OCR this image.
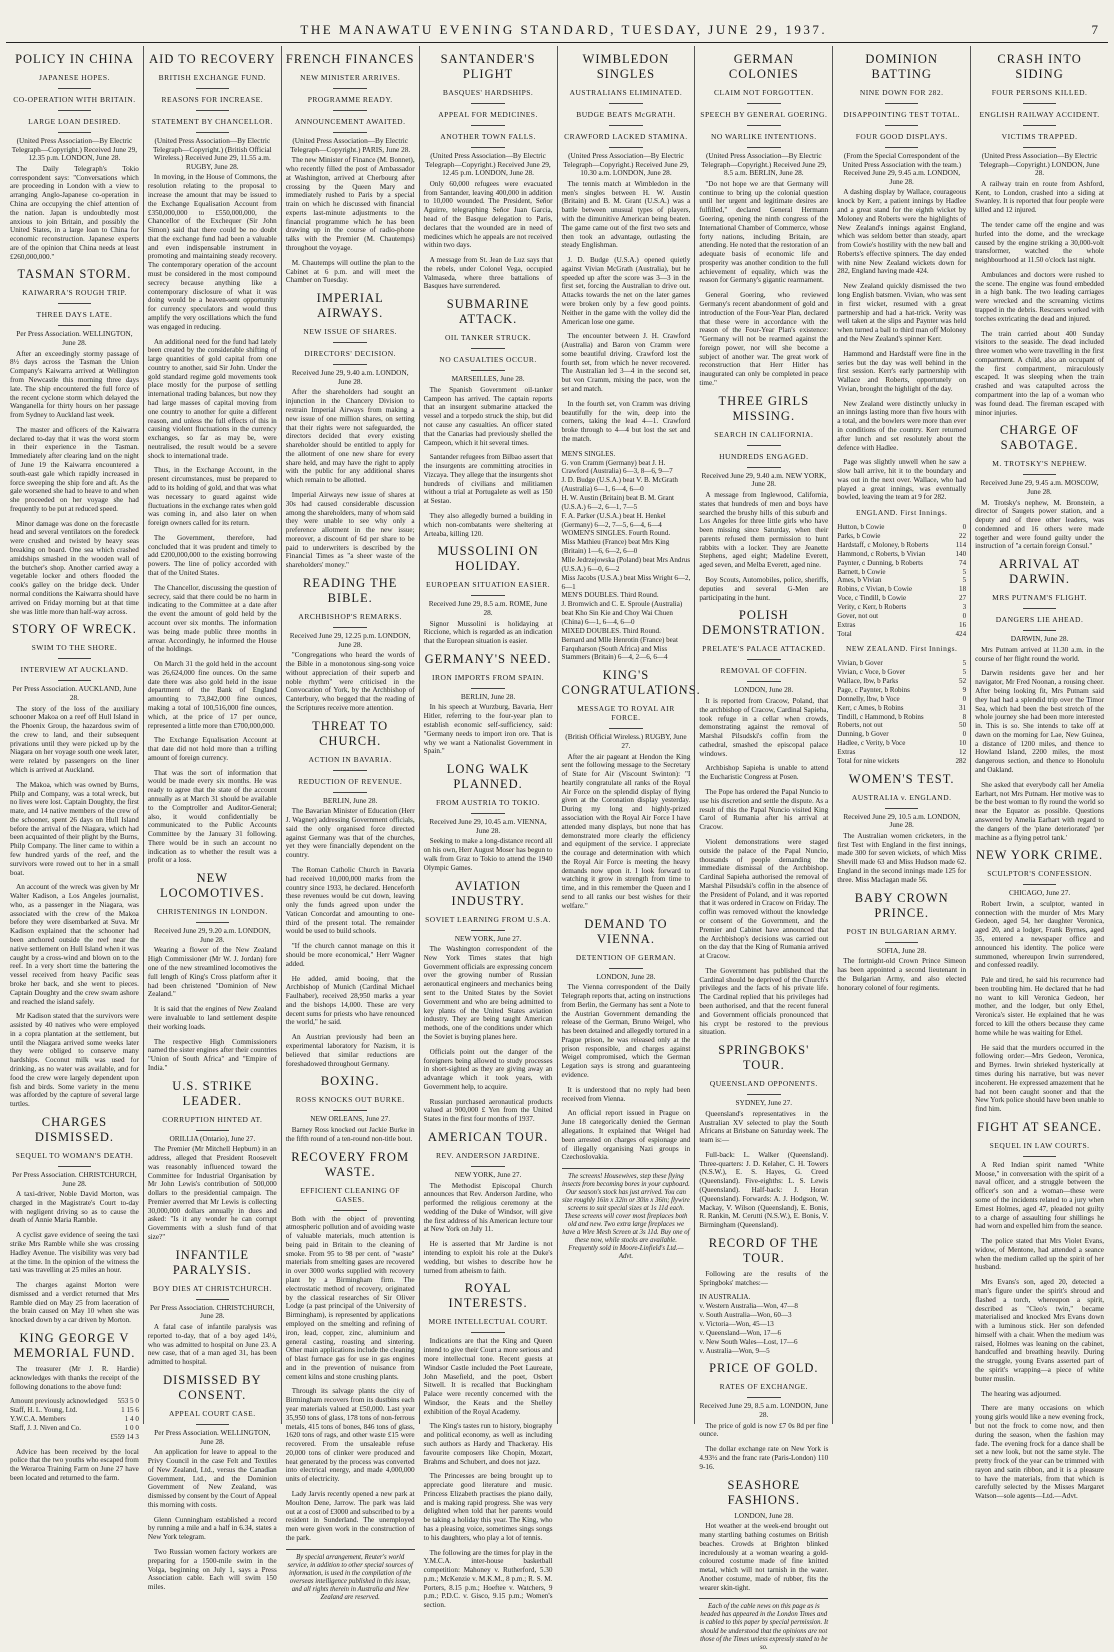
THE MANAWATU EVENING STANDARD, TUESDAY, JUNE 29, 1937.	7
POLICY IN CHINA
JAPANESE HOPES.
CO-OPERATION WITH BRITAIN.
LARGE LOAN DESIRED.
(United Press Association—By Electric Telegraph—Copyright.) Received June 29, 12.35 p.m. LONDON, June 28.

The Daily Telegraph's Tokio correspondent says: "Conversations which are proceeding in London with a view to arranging Anglo-Japanese co-operation in China are occupying the chief attention of the nation. Japan is undoubtedly most anxious to join Britain, and possibly the United States, in a large loan to China for economic reconstruction. Japanese experts are of the opinion that China needs at least £260,000,000."

TASMAN STORM.
KAIWARRA'S ROUGH TRIP.
THREE DAYS LATE.
Per Press Association. WELLINGTON, June 28.

After an exceedingly stormy passage of 8½ days across the Tasman the Union Company's Kaiwarra arrived at Wellington from Newcastle this morning three days late. The ship encountered the full force of the recent cyclone storm which delayed the Wanganella for thirty hours on her passage from Sydney to Auckland last week.

The master and officers of the Kaiwarra declared to-day that it was the worst storm in their experience in the Tasman. Immediately after clearing land on the night of June 19 the Kaiwarra encountered a south-east gale which rapidly increased in force sweeping the ship fore and aft. As the gale worsened she had to heave to and when she proceeded on her voyage she had frequently to be put at reduced speed.

Minor damage was done on the forecastle head and several ventilators on the foredeck were crushed and twisted by heavy seas breaking on board. One sea which crashed amidships smashed in the wooden wall of the butcher's shop. Another carried away a vegetable locker and others flooded the cook's galley on the bridge deck. Under normal conditions the Kaiwarra should have arrived on Friday morning but at that time she was little more than half-way across.

STORY OF WRECK.
SWIM TO THE SHORE.
INTERVIEW AT AUCKLAND.
Per Press Association. AUCKLAND, June 28.

The story of the loss of the auxiliary schooner Makoa on a reef off Hull Island in the Phoenix Group, the hazardous swim of the crew to land, and their subsequent privations until they were picked up by the Niagara on her voyage south one week later, were related by passengers on the liner which is arrived at Auckland.

The Makoa, which was owned by Burns, Philp and Company, was a total wreck, but no lives were lost. Captain Doughty, the first mate, and 14 native members of the crew of the schooner, spent 26 days on Hull Island before the arrival of the Niagara, which had been acquainted of their plight by the Burns, Philp Company. The liner came to within a few hundred yards of the reef, and the survivors were rowed out to her in a small boat.

An account of the wreck was given by Mr Walter Kadison, a Los Angeles journalist, who, as a passenger in the Niagara, was associated with the crew of the Makoa before they were disembarked at Suva. Mr Kadison explained that the schooner had been anchored outside the reef near the native settlement on Hull Island when it was caught by a cross-wind and blown on to the reef. In a very short time the battering the vessel received from heavy Pacific seas broke her back, and she went to pieces. Captain Doughty and the crew swam ashore and reached the island safely.

Mr Kadison stated that the survivors were assisted by 40 natives who were employed in a copra plantation at the settlement, but until the Niagara arrived some weeks later they were obliged to conserve many hardships. Coconut milk was used for drinking, as no water was available, and for food the crew were largely dependent upon fish and birds. Some variety in the menu was afforded by the capture of several large turtles.

CHARGES DISMISSED.
SEQUEL TO WOMAN'S DEATH.
Per Press Association. CHRISTCHURCH, June 28.

A taxi-driver, Noble David Morton, was charged in the Magistrate's Court to-day with negligent driving so as to cause the death of Annie Maria Ramble.

A cyclist gave evidence of seeing the taxi strike Mrs Ramble while she was crossing Hadley Avenue. The visibility was very bad at the time. In the opinion of the witness the taxi was travelling at 25 miles an hour.

The charges against Morton were dismissed and a verdict returned that Mrs Ramble died on May 25 from laceration of the brain caused on May 10 when she was knocked down by a car driven by Morton.

KING GEORGE V MEMORIAL FUND.

The treasurer (Mr J. R. Hardie) acknowledges with thanks the receipt of the following donations to the above fund:

Amount previously acknowledged 553 5 0
Staff, H. L. Young, Ltd.	1 15 6
Y.W.C.A. Members	1 4 0
Staff, J. J. Niven and Co.	1 0 0
£559 14 3

Advice has been received by the local police that the two youths who escaped from the Weraroa Training Farm on June 27 have been located and returned to the farm.

AID TO RECOVERY
BRITISH EXCHANGE FUND.
REASONS FOR INCREASE.
STATEMENT BY CHANCELLOR.
(United Press Association—By Electric Telegraph—Copyright.) (British Official Wireless.) Received June 29, 11.55 a.m. RUGBY, June 28.

In moving, in the House of Commons, the resolution relating to the proposal to increase the amount that may be issued to the Exchange Equalisation Account from £350,000,000 to £550,000,000, the Chancellor of the Exchequer (Sir John Simon) said that there could be no doubt that the exchange fund had been a valuable and even indispensable instrument in promoting and maintaining steady recovery. The contemporary operation of the account must be considered in the most compound secrecy because anything like a contemporary disclosure of what it was doing would be a heaven-sent opportunity for currency speculators and would thus amplify the very oscillations which the fund was engaged in reducing.

An additional need for the fund had lately been created by the considerable shifting of large quantities of gold capital from one country to another, said Sir John. Under the gold standard regime gold movements took place mostly for the purpose of settling international trading balances, but now they had large masses of capital moving from one country to another for quite a different reason, and unless the full effects of this in causing violent fluctuations in the currency exchanges, so far as may be, were neutralised, the result would be a severe shock to international trade.

Thus, in the Exchange Account, in the present circumstances, must be prepared to add to its holding of gold, and that was what was necessary to guard against wide fluctuations in the exchange rates when gold was coming in, and also later on when foreign owners called for its return.

The Government, therefore, had concluded that it was prudent and timely to add £200,000,000 to the existing borrowing powers. The line of policy accorded with that of the United States.

The Chancellor, discussing the question of secrecy, said that there could be no harm in indicating to the Committee at a date after the event the amount of gold held by the account over six months. The information was being made public three months in arrear. Accordingly, he informed the House of the holdings.

On March 31 the gold held in the account was 26,624,000 fine ounces. On the same date there was also gold held in the issue department of the Bank of England amounting to 73,842,000 fine ounces, making a total of 100,516,000 fine ounces, which, at the price of 17 per ounce, represented a little more than £700,000,000.

The Exchange Equalisation Account at that date did not hold more than a trifling amount of foreign currency.

That was the sort of information that would be made every six months. He was ready to agree that the state of the account annually as at March 31 should be available to the Comptroller and Auditor-General; also, it would confidentially be communicated to the Public Accounts Committee by the January 31 following. There would be in such an account no indication as to whether the result was a profit or a loss.

NEW LOCOMOTIVES.
CHRISTENINGS IN LONDON.
Received June 29, 9.20 a.m. LONDON, June 28.

Wearing a flower of the New Zealand High Commissioner (Mr W. J. Jordan) fore one of the new streamlined locomotives the full length of King's Cross platform after it had been christened "Dominion of New Zealand."

It is said that the engines of New Zealand were invaluable to land settlement despite their working loads.

The respective High Commissioners named the sister engines after their countries "Union of South Africa" and "Empire of India."

U.S. STRIKE LEADER.
CORRUPTION HINTED AT.
ORILLIA (Ontario), June 27.

The Premier (Mr Mitchell Hepburn) in an address, alleged that President Roosevelt was reasonably influenced toward the Committee for Industrial Organisation by Mr John Lewis's contribution of 500,000 dollars to the presidential campaign. The Premier averred that Mr Lewis is collecting 30,000,000 dollars annually in dues and asked: "Is it any wonder he can corrupt Governments with a slush fund of that size?"

INFANTILE PARALYSIS.
BOY DIES AT CHRISTCHURCH.
Per Press Association. CHRISTCHURCH, June 28.

A fatal case of infantile paralysis was reported to-day, that of a boy aged 14½, who was admitted to hospital on June 23. A new case, that of a man aged 31, has been admitted to hospital.

DISMISSED BY CONSENT.
APPEAL COURT CASE.
Per Press Association. WELLINGTON, June 28.

An application for leave to appeal to the Privy Council in the case Felt and Textiles of New Zealand, Ltd., versus the Canadian Government, Ltd., and the Dominion Government of New Zealand, was dismissed by consent by the Court of Appeal this morning with costs.

Glenn Cunningham established a record by running a mile and a half in 6.34, states a New York telegram.

Two Russian women factory workers are preparing for a 1500-mile swim in the Volga, beginning on July 1, says a Press Association cable. Each will swim 150 miles.

FRENCH FINANCES
NEW MINISTER ARRIVES.
PROGRAMME READY.
ANNOUNCEMENT AWAITED.
(United Press Association—By Electric Telegraph—Copyright.) PARIS, June 28.

The new Minister of Finance (M. Bonnet), who recently filled the post of Ambassador at Washington, arrived at Cherbourg after crossing by the Queen Mary and immediately rushed to Paris by a special train on which he discussed with financial experts last-minute adjustments to the financial programme which he has been drawing up in the course of radio-phone talks with the Premier (M. Chautemps) throughout the voyage.

M. Chautemps will outline the plan to the Cabinet at 6 p.m. and will meet the Chamber on Tuesday.

IMPERIAL AIRWAYS.
NEW ISSUE OF SHARES.
DIRECTORS' DECISION.
Received June 29, 9.40 a.m. LONDON, June 28.

After the shareholders had sought an injunction in the Chancery Division to restrain Imperial Airways from making a new issue of one million shares, on setting that their rights were not safeguarded, the directors decided that every existing shareholder should be entitled to apply for the allotment of one new share for every share held, and may have the right to apply with the public for any additional shares which remain to be allotted.

Imperial Airways new issue of shares at 30s had caused considerable discussion among the shareholders, many of whom said they were unable to see why only a preference allotment in the new issue; moreover, a discount of 6d per share to be paid to underwriters is described by the Financial Times as "a sheer waste of the shareholders' money."

READING THE BIBLE.
ARCHBISHOP'S REMARKS.
Received June 29, 12.25 p.m. LONDON, June 28.

"Congregations who heard the words of the Bible in a monotonous sing-song voice without appreciation of their superb and noble rhythm" were criticised in the Convocation of York, by the Archbishop of Canterbury, who begged that the reading of the Scriptures receive more attention.

THREAT TO CHURCH.
ACTION IN BAVARIA.
REDUCTION OF REVENUE.
BERLIN, June 28.

The Bavarian Minister of Education (Herr J. Wagner) addressing Government officials, said the only organised force directed against Germany was that of the churches, yet they were financially dependent on the country.

The Roman Catholic Church in Bavaria had received 10,000,000 marks from the country since 1933, he declared. Henceforth these revenues would be cut down, leaving only the funds agreed upon under the Vatican Concordat and amounting to one-third of the present total. The remainder would be used to build schools.

"If the church cannot manage on this it should be more economical," Herr Wagner added.

He added, amid booing, that the Archbishop of Munich (Cardinal Michael Faulhaber), received 28,950 marks a year and the bishops 14,000. These are very decent sums for priests who have renounced the world," he said.

An Austrian previously had been an experimental laboratory for Nazism, it is believed that similar reductions are foreshadowed throughout Germany.

BOXING.
ROSS KNOCKS OUT BURKE.
NEW ORLEANS, June 27.

Barney Ross knocked out Jackie Burke in the fifth round of a ten-round non-title bout.

RECOVERY FROM WASTE.
EFFICIENT CLEANING OF GASES.

Both with the object of preventing atmospheric pollution and of avoiding waste of valuable materials, much attention is being paid in Britain to the cleaning of smoke. From 95 to 98 per cent. of "waste" materials from smelting gases are recovered in over 3000 works supplied with recovery plant by a Birmingham firm. The electrostatic method of recovery, originated by the classical researches of Sir Oliver Lodge (a past principal of the University of Birmingham), is represented by applications employed on the smelting and refining of iron, lead, copper, zinc, aluminium and general casting, roasting and sintering. Other main applications include the cleaning of blast furnace gas for use in gas engines and in the prevention of nuisance from cement kilns and stone crushing plants.

Through its salvage plants the city of Birmingham recovers from its dustbins each year materials valued at £50,000. Last year 35,950 tons of glass, 178 tons of non-ferrous metals, 415 tons of bones, 846 tons of glass, 1620 tons of rags, and other waste £15 were recovered. From the unsaleable refuse 20,000 tons of clinker were produced and heat generated by the process was converted into electrical energy, and made 4,000,000 units of electricity.

Lady Jarvis recently opened a new park at Moulton Dene, Jarrow. The park was laid out at a cost of £3000 and subscribed to by a resident in Sunderland. The unemployed men were given work in the construction of the park.

By special arrangement, Reuter's world service, in addition to other special sources of information, is used in the compilation of the overseas intelligence published in this issue, and all rights therein in Australia and New Zealand are reserved.
SANTANDER'S PLIGHT
BASQUES' HARDSHIPS.
APPEAL FOR MEDICINES.
ANOTHER TOWN FALLS.
(United Press Association—By Electric Telegraph—Copyright.) Received June 29, 12.45 p.m. LONDON, June 28.

Only 60,000 refugees were evacuated from Santander, leaving 400,000 in addition to 10,000 wounded. The President, Señor Aguirre, telegraphing Señor Juan Garcia, head of the Basque delegation to Paris, declares that the wounded are in need of medicines which he appeals are not received within two days.

A message from St. Jean de Luz says that the rebels, under Colonel Vega, occupied Valmaseda, where three battalions of Basques have surrendered.

SUBMARINE ATTACK.
OIL TANKER STRUCK.
NO CASUALTIES OCCUR.
MARSEILLES, June 28.

The Spanish Government oil-tanker Campeon has arrived. The captain reports that an insurgent submarine attacked the vessel and a torpedo struck the ship, but did not cause any casualties. An officer stated that the Canarias had previously shelled the Campeon, which it hit several times.

Santander refugees from Bilbao assert that the insurgents are committing atrocities in Vizcaya. They allege that the insurgents shot hundreds of civilians and militiamen without a trial at Portugalete as well as 150 at Sestao.

They also allegedly burned a building in which non-combatants were sheltering at Arteaba, killing 120.

MUSSOLINI ON HOLIDAY.
EUROPEAN SITUATION EASIER.
Received June 29, 8.5 a.m. ROME, June 28.

Signor Mussolini is holidaying at Riccione, which is regarded as an indication that the European situation is easier.

GERMANY'S NEED.
IRON IMPORTS FROM SPAIN.
BERLIN, June 28.

In his speech at Wurzburg, Bavaria, Herr Hitler, referring to the four-year plan to establish economic self-sufficiency, said: "Germany needs to import iron ore. That is why we want a Nationalist Government in Spain."

LONG WALK PLANNED.
FROM AUSTRIA TO TOKIO.
Received June 29, 10.45 a.m. VIENNA, June 28.

Seeking to make a long-distance record all on his own, Herr August Moser has begun to walk from Graz to Tokio to attend the 1940 Olympic Games.

AVIATION INDUSTRY.
SOVIET LEARNING FROM U.S.A.
NEW YORK, June 27.

The Washington correspondent of the New York Times states that high Government officials are expressing concern over the growing number of Russian aeronautical engineers and mechanics being sent to the United States by the Soviet Government and who are being admitted to key plants of the United States aviation industry. They are being taught American methods, one of the conditions under which the Soviet is buying planes here.

Officials point out the danger of the foreigners being allowed to study processes in short-sighted as they are giving away an advantage which it took years, with Government help, to acquire.

Russian purchased aeronautical products valued at 900,000 £ Yen from the United States in the first four months of 1937.

AMERICAN TOUR.
REV. ANDERSON JARDINE.
NEW YORK, June 27.

The Methodist Episcopal Church announces that Rev. Anderson Jardine, who performed the religious ceremony at the wedding of the Duke of Windsor, will give the first address of his American lecture tour at New York on July 11.

He is asserted that Mr Jardine is not intending to exploit his role at the Duke's wedding, but wishes to describe how he turned from atheism to faith.

ROYAL INTERESTS.
MORE INTELLECTUAL COURT.

Indications are that the King and Queen intend to give their Court a more serious and more intellectual tone. Recent guests at Windsor Castle included the Poet Laureate, John Masefield, and the poet, Osbert Sitwell. It is recalled that Buckingham Palace were recently concerned with the Windsor, the Keats and the Shelley exhibition of the Royal Academy.

The King's tastes run to history, biography and political economy, as well as including such authors as Hardy and Thackeray. His favourite composers like Chopin, Mozart, Brahms and Schubert, and does not jazz.

The Princesses are being brought up to appreciate good literature and music. Princess Elizabeth practises the piano daily, and is making rapid progress. She was very delighted when told that her parents would be taking a holiday this year. The King, who has a pleasing voice, sometimes sings songs to his daughters, who play a lot of tennis.

The following are the times for play in the Y.M.C.A. inter-house basketball competition: Mahoney v. Rutherford, 5.30 p.m.; McKenzie v. M.K.M., 8 p.m.; R. S. M. Porters, 8.15 p.m.; Hoeftee v. Watchers, 9 p.m.; P.D.C. v. Gisco, 9.15 p.m.; Women's section.

WIMBLEDON SINGLES
AUSTRALIANS ELIMINATED.
BUDGE BEATS McGRATH.
CRAWFORD LACKED STAMINA.
(United Press Association—By Electric Telegraph—Copyright.) Received June 29, 10.30 a.m. LONDON, June 28.

The tennis match at Wimbledon in the men's singles between H. W. Austin (Britain) and B. M. Grant (U.S.A.) was a battle between unusual types of players, with the dimunitive American being beaten. The game came out of the first two sets and then took an advantage, outlasting the steady Englishman.

J. D. Budge (U.S.A.) opened quietly against Vivian McGrath (Australia), but he speeded up after the score was 3—3 in the first set, forcing the Australian to drive out. Attacks towards the net on the later games were broken only by a few good points. Neither in the game with the volley did the American lose one game.

The encounter between J. H. Crawford (Australia) and Baron von Cramm were some beautiful driving. Crawford lost the fourth set, from which he never recovered. The Australian led 3—4 in the second set, but von Cramm, mixing the pace, won the set and match.

In the fourth set, von Cramm was driving beautifully for the win, deep into the corners, taking the lead 4—1. Crawford broke through to 4—4 but lost the set and the match.

MEN'S SINGLES.
G. von Cramm (Germany) beat J. H. Crawford (Australia) 6—3, 8—6, 9—7
J. D. Budge (U.S.A.) beat V. B. McGrath (Australia) 6—1, 6—4, 6—0
H. W. Austin (Britain) beat B. M. Grant (U.S.A.) 6—2, 6—1, 7—5
F. A. Parker (U.S.A.) beat H. Henkel (Germany) 6—2, 7—5, 6—4, 6—4
WOMEN'S SINGLES. Fourth Round.
Miss Mathieu (France) beat Mrs King (Britain) 1—6, 6—2, 6—0
Mlle Jedrzejowska (Poland) beat Mrs Andrus (U.S.A.) 6—0, 6—2
Miss Jacobs (U.S.A.) beat Miss Wright 6—2, 6—1
MEN'S DOUBLES. Third Round.
J. Bromwich and C. E. Sproule (Australia) beat Kho Sin Kie and Choy Wai Chuen (China) 6—1, 6—4, 6—0
MIXED DOUBLES. Third Round.
Bernard and Mlle Henrotin (France) beat Farquharson (South Africa) and Miss Stammers (Britain) 6—4, 2—6, 6—4
KING'S CONGRATULATIONS.
MESSAGE TO ROYAL AIR FORCE.
(British Official Wireless.) RUGBY, June 27.

After the air pageant at Hendon the King sent the following message to the Secretary of State for Air (Viscount Swinton): "I heartily congratulate all ranks of the Royal Air Force on the splendid display of flying given at the Coronation display yesterday. During my long and highly-prized association with the Royal Air Force I have attended many displays, but none that has demonstrated more clearly the efficiency and equipment of the service. I appreciate the courage and determination with which the Royal Air Force is meeting the heavy demands now upon it. I look forward to watching it grow in strength from time to time, and in this remember the Queen and I send to all ranks our best wishes for their welfare."

DEMAND TO VIENNA.
DETENTION OF GERMAN.
LONDON, June 28.

The Vienna correspondent of the Daily Telegraph reports that, acting on instructions from Berlin, the Germany has sent a Note to the Austrian Government demanding the release of the German, Bruno Weigel, who has been detained and allegedly tortured in a Prague prison, he was released only at the prison responsible, and charges against Weigel compromised, which the German Legation says is strong and guaranteeing evidence.

It is understood that no reply had been received from Vienna.

An official report issued in Prague on June 18 categorically denied the German allegations. It explained that Weigel had been arrested on charges of espionage and of illegally organising Nazi groups in Czechoslovakia.

The screens! Housewives, step these flying insects from becoming bores in your cupboard. Our season's stock has just arrived. You can size roughly 16in x 32in or 30in x 36in; flywire screens to suit special sizes at 1s 11d each. These screens will cover most fireplaces both old and new. Two extra large fireplaces we have a Wire Mesh Screen at 3s 11d. Buy one of these now, while stocks are available. Frequently sold in Moore-Linfield's Ltd.—Advt.
GERMAN COLONIES
CLAIM NOT FORGOTTEN.
SPEECH BY GENERAL GOERING.
NO WARLIKE INTENTIONS.
(United Press Association—By Electric Telegraph—Copyright.) Received June 29, 8.5 a.m. BERLIN, June 28.

"Do not hope we are that Germany will continue to bring up the colonial question until her urgent and legitimate desires are fulfilled," declared General Hermann Goering, opening the ninth congress of the International Chamber of Commerce, whose forty nations, including Britain, are attending. He noted that the restoration of an adequate basis of economic life and prosperity was another condition to the full achievement of equality, which was the reason for Germany's gigantic rearmament.

General Goering, who reviewed Germany's recent abandonment of gold and introduction of the Four-Year Plan, declared that these were in accordance with the reason of the Four-Year Plan's existence: "Germany will not be rearmed against the foreign power, nor will she become a subject of another war. The great work of reconstruction that Herr Hitler has inaugurated can only be completed in peace time."

THREE GIRLS MISSING.
SEARCH IN CALIFORNIA.
HUNDREDS ENGAGED.
Received June 29, 9.40 a.m. NEW YORK, June 28.

A message from Inglewood, California, states that hundreds of men and boys have searched the brushy hills of this suburb and Los Angeles for three little girls who have been missing since Saturday, when their parents refused them permission to hunt rabbits with a locker. They are Jeanette Stephens, aged eight; Madeline Everett, aged seven, and Melba Everett, aged nine.

Boy Scouts, Automobiles, police, sheriffs, deputies and several G-Men are participating in the hunt.

POLISH DEMONSTRATION.
PRELATE'S PALACE ATTACKED.
REMOVAL OF COFFIN.
LONDON, June 28.

It is reported from Cracow, Poland, that the archbishop of Cracow, Cardinal Sapieha, took refuge in a cellar when crowds, demonstrating against the removal of Marshal Pilsudski's coffin from the cathedral, smashed the episcopal palace windows.

Archbishop Sapieha is unable to attend the Eucharistic Congress at Posen.

The Pope has ordered the Papal Nuncio to use his discretion and settle the dispute. As a result of this the Papal Nuncio visited King Carol of Rumania after his arrival at Cracow.

Violent demonstrations were staged outside the palace of the Papal Nuncio, thousands of people demanding the immediate dismissal of the Archbishop. Cardinal Sapieha authorised the removal of Marshal Pilsudski's coffin in the absence of the President of Poland, and it was reported that it was ordered in Cracow on Friday. The coffin was removed without the knowledge or consent of the Government, and the Premier and Cabinet have announced that the Archbishop's decisions was carried out on the day that the King of Rumania arrived at Cracow.

The Government has published that the Cardinal should be deprived of the Church's privileges and the facts of his private life. The Cardinal replied that his privileges had been authorised, and that the recent funeral and Government officials pronounced that his crypt be restored to the previous situation.

SPRINGBOKS' TOUR.
QUEENSLAND OPPONENTS.
SYDNEY, June 27.

Queensland's representatives in the Australian XV selected to play the South Africans at Brisbane on Saturday week. The team is:—

Full-back: L. Walker (Queensland). Three-quarters: J. D. Kelaher, C. H. Towers (N.S.W.), E. S. Hayes, G. Creed (Queensland). Five-eighths: L. S. Lewis (Queensland). Half-back: J. Horan (Queensland). Forwards: A. J. Hodgson, W. Mackay, V. Wilson (Queensland), E. Bonis, R. Rankin, M. Cerutti (N.S.W.), E. Bonis, V. Birmingham (Queensland).

RECORD OF THE TOUR.

Following are the results of the Springboks' matches:—

IN AUSTRALIA.
v. Western Australia—Won, 47—8
v. South Australia—Won, 60—3
v. Victoria—Won, 45—13
v. Queensland—Won, 17—6
v. New South Wales—Lost, 17—6
v. Australia—Won, 9—5
PRICE OF GOLD.
RATES OF EXCHANGE.
Received June 29, 8.5 a.m. LONDON, June 28.

The price of gold is now £7 0s 8d per fine ounce.

The dollar exchange rate on New York is 4.93½ and the franc rate (Paris-London) 110 9-16.

SEASHORE FASHIONS.
LONDON, June 28.

Hot weather at the week-end brought out many startling bathing costumes on British beaches. Crowds at Brighton blinked incredulously at a woman wearing a gold-coloured costume made of fine knitted metal, which will not tarnish in the water. Another costume, made of rubber, fits the wearer skin-tight.

Each of the cable news on this page as is headed has appeared in the London Times and is cabled to this paper by special permission. It should be understood that the opinions are not those of the Times unless expressly stated to be so.
DOMINION BATTING
NINE DOWN FOR 282.
DISAPPOINTING TEST TOTAL.
FOUR GOOD DISPLAYS.
(From the Special Correspondent of the United Press Association with the team.) Received June 29, 9.45 a.m. LONDON, June 28.

A dashing display by Wallace, courageous knock by Kerr, a patient innings by Hadlee and a great stand for the eighth wicket by Moloney and Roberts were the highlights of New Zealand's innings against England, which was seldom better than steady, apart from Cowie's hostility with the new ball and Roberts's effective spinners. The day ended with nine New Zealand wickets down for 282, England having made 424.

New Zealand quickly dismissed the two long English batsmen. Vivian, who was sent in first wicket, resumed with a great partnership and had a hat-trick. Verity was well taken at the slips and Paynter was held when turned a ball to third man off Moloney and the New Zealand's spinner Kerr.

Hammond and Hardstaff were fine in the series but the day was well behind in the first session. Kerr's early partnership with Wallace and Roberts, opportunely on Vivian, brought the highlight of the day.

New Zealand were distinctly unlucky in an innings lasting more than five hours with a total, and the bowlers were more than ever in conditions of the country. Kerr returned after lunch and set resolutely about the defence with Hadlee.

Page was slightly unwell when he saw a slow ball arrive, hit it to the boundary and was out in the next over. Wallace, who had played a great innings, was eventually bowled, leaving the team at 9 for 282.

ENGLAND. First Innings.
Hutton, b Cowie	0
Parks, b Cowie	22
Hardstaff, c Moloney, b Roberts	114
Hammond, c Roberts, b Vivian	140
Paynter, c Dunning, b Roberts	74
Barnett, b Cowie	5
Ames, b Vivian	5
Robins, c Vivian, b Cowie	18
Voce, c Tindill, b Cowie	27
Verity, c Kerr, b Roberts	3
Gover, not out	0
Extras	16
Total	424
NEW ZEALAND. First Innings.
Vivian, b Gover	5
Vivian, c Voce, b Gover	5
Wallace, lbw, b Parks	52
Page, c Paynter, b Robins	9
Donnelly, lbw, b Voce	0
Kerr, c Ames, b Robins	31
Tindill, c Hammond, b Robins	8
Roberts, not out	50
Dunning, b Gover	0
Hadlee, c Verity, b Voce	10
Extras	12
Total for nine wickets	282
WOMEN'S TEST.
AUSTRALIA v. ENGLAND.
Received June 29, 10.5 a.m. LONDON, June 28.

The Australian women cricketers, in the first Test with England in the first innings, made 300 for seven wickets, of which Miss Shevill made 63 and Miss Hudson made 62. England in the second innings made 125 for three. Miss Maclagan made 56.

BABY CROWN PRINCE.
POST IN BULGARIAN ARMY.
SOFIA, June 28.

The fortnight-old Crown Prince Simeon has been appointed a second lieutenant in the Bulgarian Army, and also elected honorary colonel of four regiments.

CRASH INTO SIDING
FOUR PERSONS KILLED.
ENGLISH RAILWAY ACCIDENT.
VICTIMS TRAPPED.
(United Press Association—By Electric Telegraph—Copyright.) LONDON, June 28.

A railway train en route from Ashford, Kent, to London, crashed into a siding at Swanley. It is reported that four people were killed and 12 injured.

The tender came off the engine and was hurled into the dome, and the wreckage caused by the engine striking a 30,000-volt transformer, watched the whole neighbourhood at 11.50 o'clock last night.

Ambulances and doctors were rushed to the scene. The engine was found embedded in a high bank. The two leading carriages were wrecked and the screaming victims trapped in the debris. Rescuers worked with torches extricating the dead and injured.

The train carried about 400 Sunday visitors to the seaside. The dead included three women who were travelling in the first compartment. A child, also an occupant of the first compartment, miraculously escaped. It was sleeping when the train crashed and was catapulted across the compartment into the lap of a woman who was found dead. The fireman escaped with minor injuries.

CHARGE OF SABOTAGE.
M. TROTSKY'S NEPHEW.
Received June 29, 9.45 a.m. MOSCOW, June 28.

M. Trotsky's nephew, M. Bronstein, a director of Saugets power station, and a deputy and of three other leaders, was condemned and 16 others were made together and were found guilty under the instruction of "a certain foreign Consul."

ARRIVAL AT DARWIN.
MRS PUTNAM'S FLIGHT.
DANGERS LIE AHEAD.
DARWIN, June 28.

Mrs Putnam arrived at 11.30 a.m. in the course of her flight round the world.

Darwin residents gave her and her navigator, Mr Fred Noonan, a rousing cheer. After being looking fit, Mrs Putnam said they had had a splendid trip over the Timor Sea, which had been the best stretch of the whole journey she had been more interested in. This is so. She intends to take off at dawn on the morning for Lae, New Guinea, a distance of 1200 miles, and thence to Howland Island, 2200 miles, the most dangerous section, and thence to Honolulu and Oakland.

She asked that everybody call her Amelia Earhart, not Mrs Putnam. Her motive was to be the best woman to fly round the world so near the Equator as possible. Questions answered by Amelia Earhart with regard to the dangers of the 'plane deteriorated' 'per machine as a flying petrol tank.'

NEW YORK CRIME.
SCULPTOR'S CONFESSION.
CHICAGO, June 27.

Robert Irwin, a sculptor, wanted in connection with the murder of Mrs Mary Gedeon, aged 54, her daughter Veronica, aged 20, and a lodger, Frank Byrnes, aged 35, entered a newspaper office and announced his identity. The police were summoned, whereupon Irwin surrendered, and confessed readily.

Pale and tired, he said his recurrence had been troubling him. He declared that he had no want to kill Veronica Gedeon, her mother, and the lodger, but only Ethel, Veronica's sister. He explained that he was forced to kill the others because they came home while he was waiting for Ethel.

He said that the murders occurred in the following order:—Mrs Gedeon, Veronica, and Byrnes. Irwin shrieked hysterically at times during his narrative, but was never incoherent. He expressed amazement that he had not been caught sooner and that the New York police should have been unable to find him.

FIGHT AT SEANCE.
SEQUEL IN LAW COURTS.

A Red Indian spirit named "White Moose," in conversation with the spirit of a naval officer, and a struggle between the officer's son and a woman—these were some of the incidents related to a jury when Ernest Holmes, aged 47, pleaded not guilty to a charge of assaulting four shillings he had worn and expelled him from the seance.

The police stated that Mrs Violet Evans, widow, of Mentone, had attended a seance when the medium called up the spirit of her husband.

Mrs Evans's son, aged 20, detected a man's figure under the spirit's shroud and flashed a torch, whereupon a spirit, described as "Cleo's twin," became materialised and knocked Mrs Evans down with a luminous stick. Her son defended himself with a chair. When the medium was raised, Holmes was leaning on the cabinet, handcuffed and breathing heavily. During the struggle, young Evans asserted part of the spirit's wrapping—a piece of white butter muslin.

The hearing was adjourned.

There are many occasions on which young girls would like a new evening frock, but not the frock to come now, and then during the season, when the fashion may fade. The evening frock for a dance shall be set a new look, but not the same style. The pretty frock of the year can be trimmed with rayon and satin ribbon, and it is a pleasure to have the materials, from that which is carefully selected by the Misses Margaret Watson—sole agents—Ltd.—Advt.
